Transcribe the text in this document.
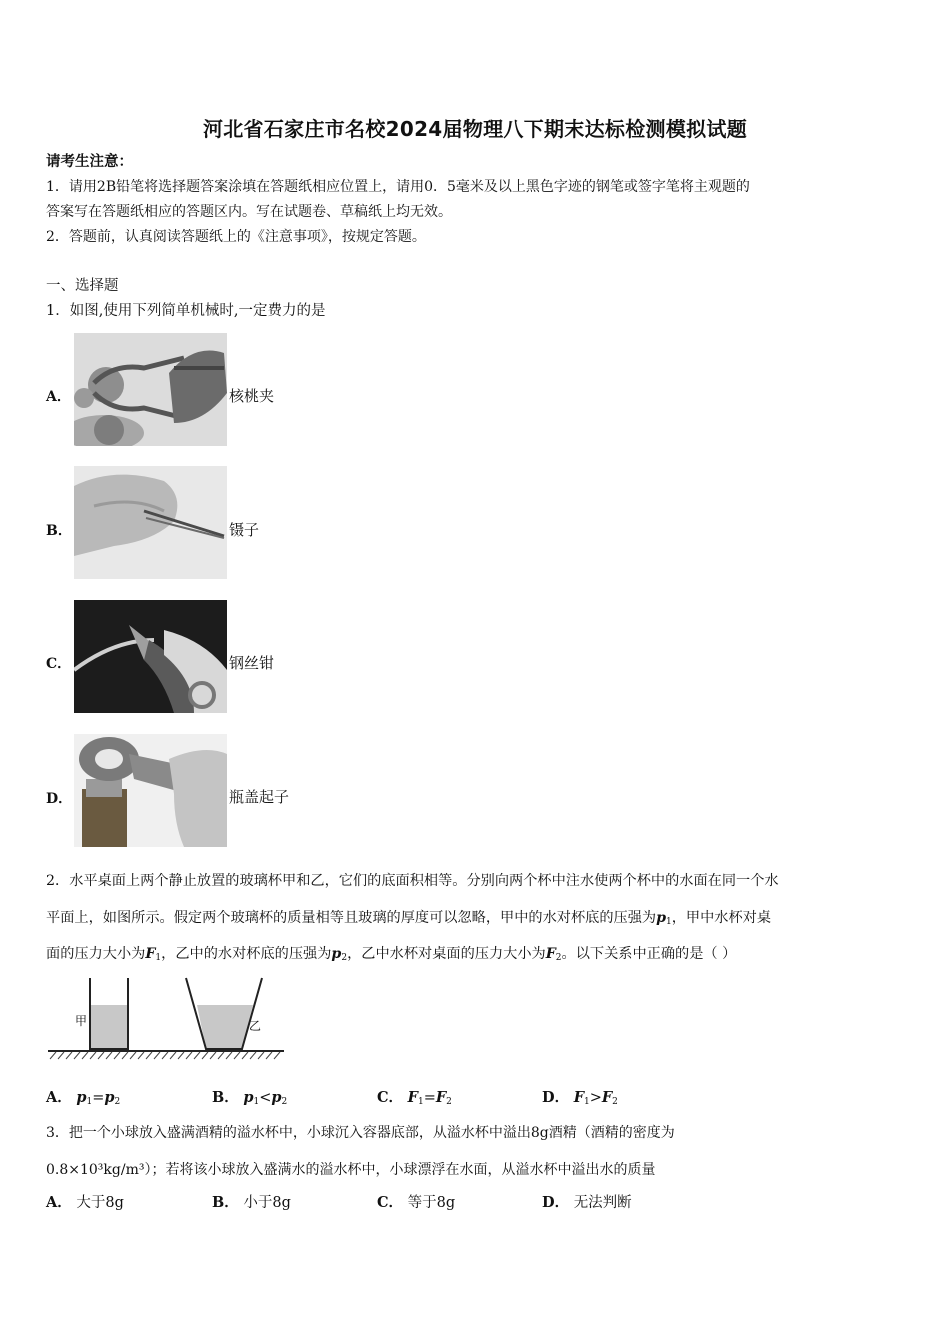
河北省石家庄市名校2024届物理八下期末达标检测模拟试题
请考生注意：
1．请用2B铅笔将选择题答案涂填在答题纸相应位置上，请用0．5毫米及以上黑色字迹的钢笔或签字笔将主观题的
答案写在答题纸相应的答题区内。写在试题卷、草稿纸上均无效。
2．答题前，认真阅读答题纸上的《注意事项》，按规定答题。
一、选择题
1．如图,使用下列简单机械时,一定费力的是
A．	核桃夹
B．	镊子
C．	钢丝钳
D．	瓶盖起子
2．水平桌面上两个静止放置的玻璃杯甲和乙，它们的底面积相等。分别向两个杯中注水使两个杯中的水面在同一个水
平面上，如图所示。假定两个玻璃杯的质量相等且玻璃的厚度可以忽略，甲中的水对杯底的压强为$p_1$，甲中水杯对桌
面的压力大小为$F_1$，乙中的水对杯底的压强为$p_2$，乙中水杯对桌面的压力大小为$F_2$。以下关系中正确的是（ ）
甲	乙
A． $p_1=p_2$	B． $p_1<p_2$	C． $F_1=F_2$	D． $F_1>F_2$
3．把一个小球放入盛满酒精的溢水杯中，小球沉入容器底部，从溢水杯中溢出8g酒精（酒精的密度为
0.8×10³kg/m³）；若将该小球放入盛满水的溢水杯中，小球漂浮在水面，从溢水杯中溢出水的质量
A． 大于8g	B． 小于8g	C． 等于8g	D． 无法判断
